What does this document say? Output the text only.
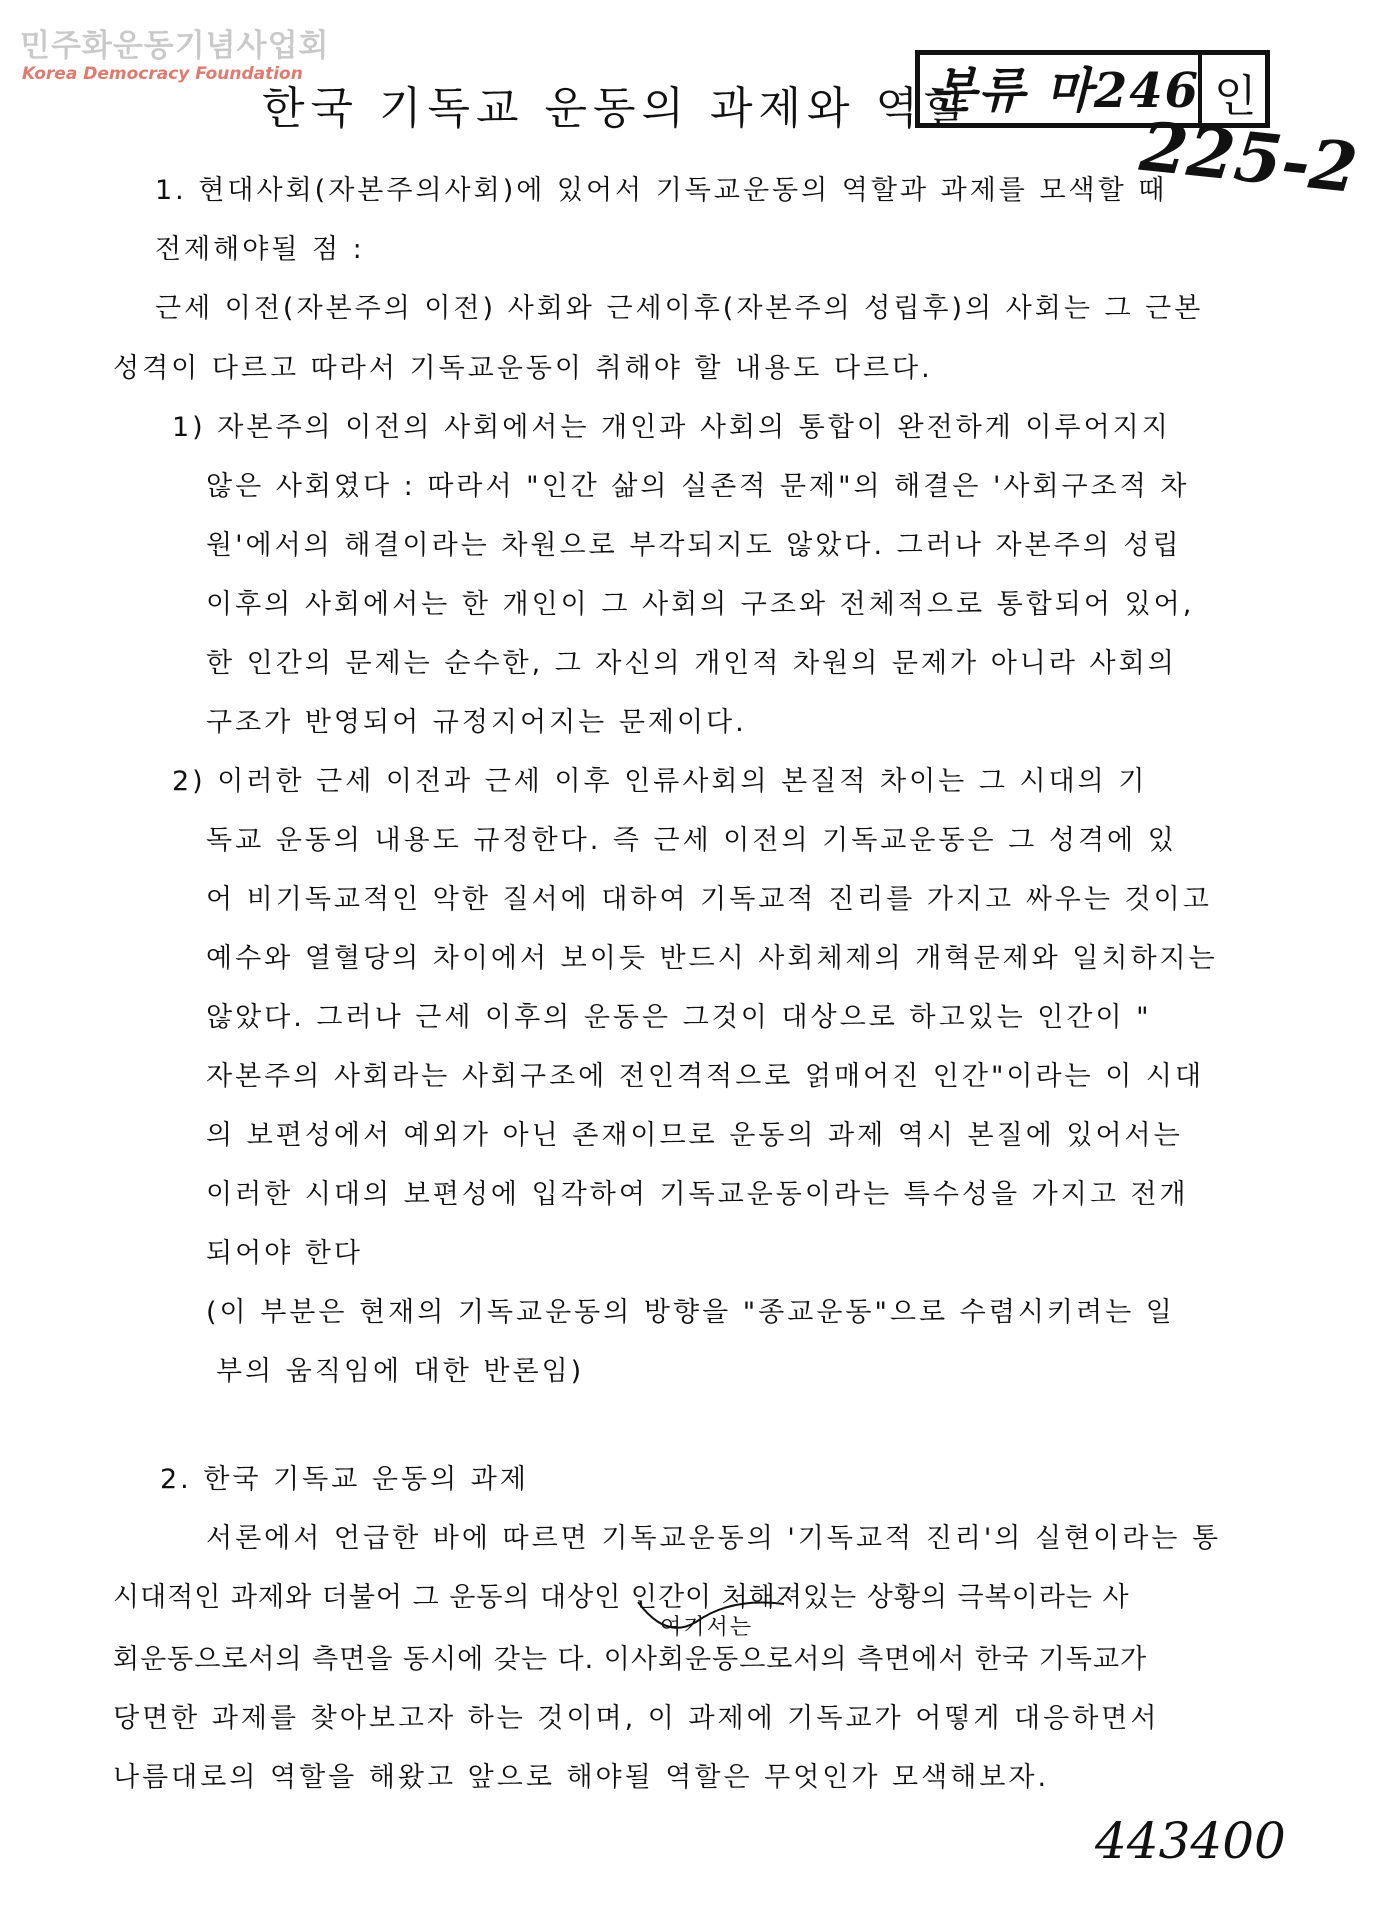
민주화운동기념사업회
Korea Democracy Foundation
한국 기독교 운동의 과제와 역할
분류 마246 인
225-2
1. 현대사회(자본주의사회)에 있어서 기독교운동의 역할과 과제를 모색할 때
전제해야될 점 :
근세 이전(자본주의 이전) 사회와 근세이후(자본주의 성립후)의 사회는 그 근본
성격이 다르고 따라서 기독교운동이 취해야 할 내용도 다르다.
1) 자본주의 이전의 사회에서는 개인과 사회의 통합이 완전하게 이루어지지
않은 사회였다 : 따라서 "인간 삶의 실존적 문제"의 해결은 '사회구조적 차
원'에서의 해결이라는 차원으로 부각되지도 않았다. 그러나 자본주의 성립
이후의 사회에서는 한 개인이 그 사회의 구조와 전체적으로 통합되어 있어,
한 인간의 문제는 순수한, 그 자신의 개인적 차원의 문제가 아니라 사회의
구조가 반영되어 규정지어지는 문제이다.
2) 이러한 근세 이전과 근세 이후 인류사회의 본질적 차이는 그 시대의 기
독교 운동의 내용도 규정한다. 즉 근세 이전의 기독교운동은 그 성격에 있
어 비기독교적인 악한 질서에 대하여 기독교적 진리를 가지고 싸우는 것이고
예수와 열혈당의 차이에서 보이듯 반드시 사회체제의 개혁문제와 일치하지는
않았다. 그러나 근세 이후의 운동은 그것이 대상으로 하고있는 인간이 "
자본주의 사회라는 사회구조에 전인격적으로 얽매어진 인간"이라는 이 시대
의 보편성에서 예외가 아닌 존재이므로 운동의 과제 역시 본질에 있어서는
이러한 시대의 보편성에 입각하여 기독교운동이라는 특수성을 가지고 전개
되어야 한다
(이 부분은 현재의 기독교운동의 방향을 "종교운동"으로 수렴시키려는 일
부의 움직임에 대한 반론임)
2. 한국 기독교 운동의 과제
서론에서 언급한 바에 따르면 기독교운동의 '기독교적 진리'의 실현이라는 통
시대적인 과제와 더불어 그 운동의 대상인 인간이 처해져있는 상황의 극복이라는 사
여기서는
회운동으로서의 측면을 동시에 갖는 다. 이사회운동으로서의 측면에서 한국 기독교가
당면한 과제를 찾아보고자 하는 것이며, 이 과제에 기독교가 어떻게 대응하면서
나름대로의 역할을 해왔고 앞으로 해야될 역할은 무엇인가 모색해보자.
443400
